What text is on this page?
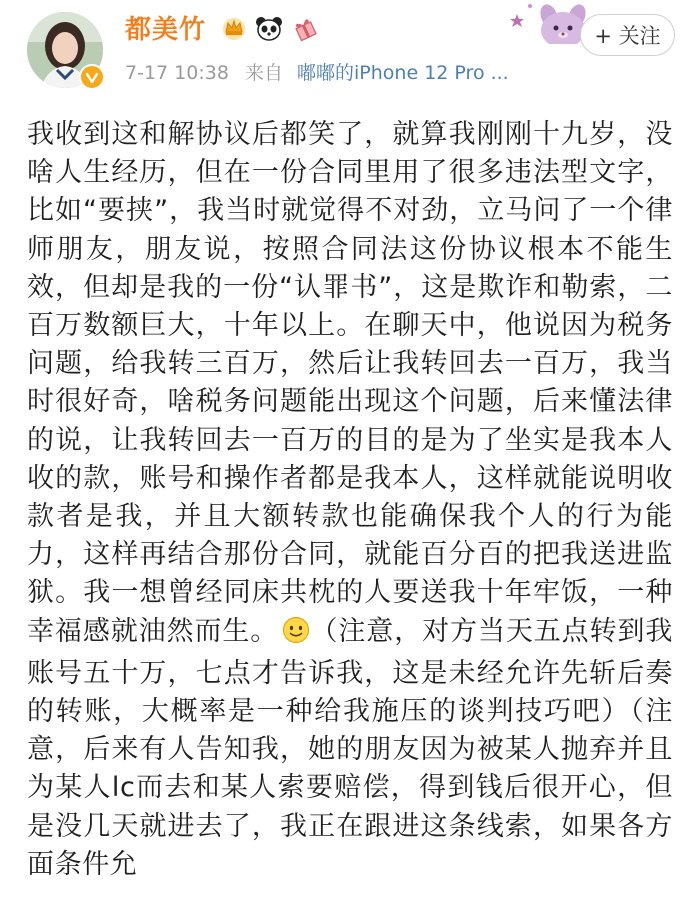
都美竹
7-17 10:38 来自 嘟嘟的iPhone 12 Pro ...
+ 关注
我收到这和解协议后都笑了，就算我刚刚十九岁，没啥人生经历，但在一份合同里用了很多违法型文字，比如“要挟”，我当时就觉得不对劲，立马问了一个律师朋友，朋友说，按照合同法这份协议根本不能生效，但却是我的一份“认罪书”，这是欺诈和勒索，二百万数额巨大，十年以上。在聊天中，他说因为税务问题，给我转三百万，然后让我转回去一百万，我当时很好奇，啥税务问题能出现这个问题，后来懂法律的说，让我转回去一百万的目的是为了坐实是我本人收的款，账号和操作者都是我本人，这样就能说明收款者是我，并且大额转款也能确保我个人的行为能力，这样再结合那份合同，就能百分百的把我送进监狱。我一想曾经同床共枕的人要送我十年牢饭，一种幸福感就油然而生。 （注意，对方当天五点转到我账号五十万，七点才告诉我，这是未经允许先斩后奏的转账，大概率是一种给我施压的谈判技巧吧）（注意，后来有人告知我，她的朋友因为被某人抛弃并且为某人lc而去和某人索要赔偿，得到钱后很开心，但是没几天就进去了，我正在跟进这条线索，如果各方面条件允
